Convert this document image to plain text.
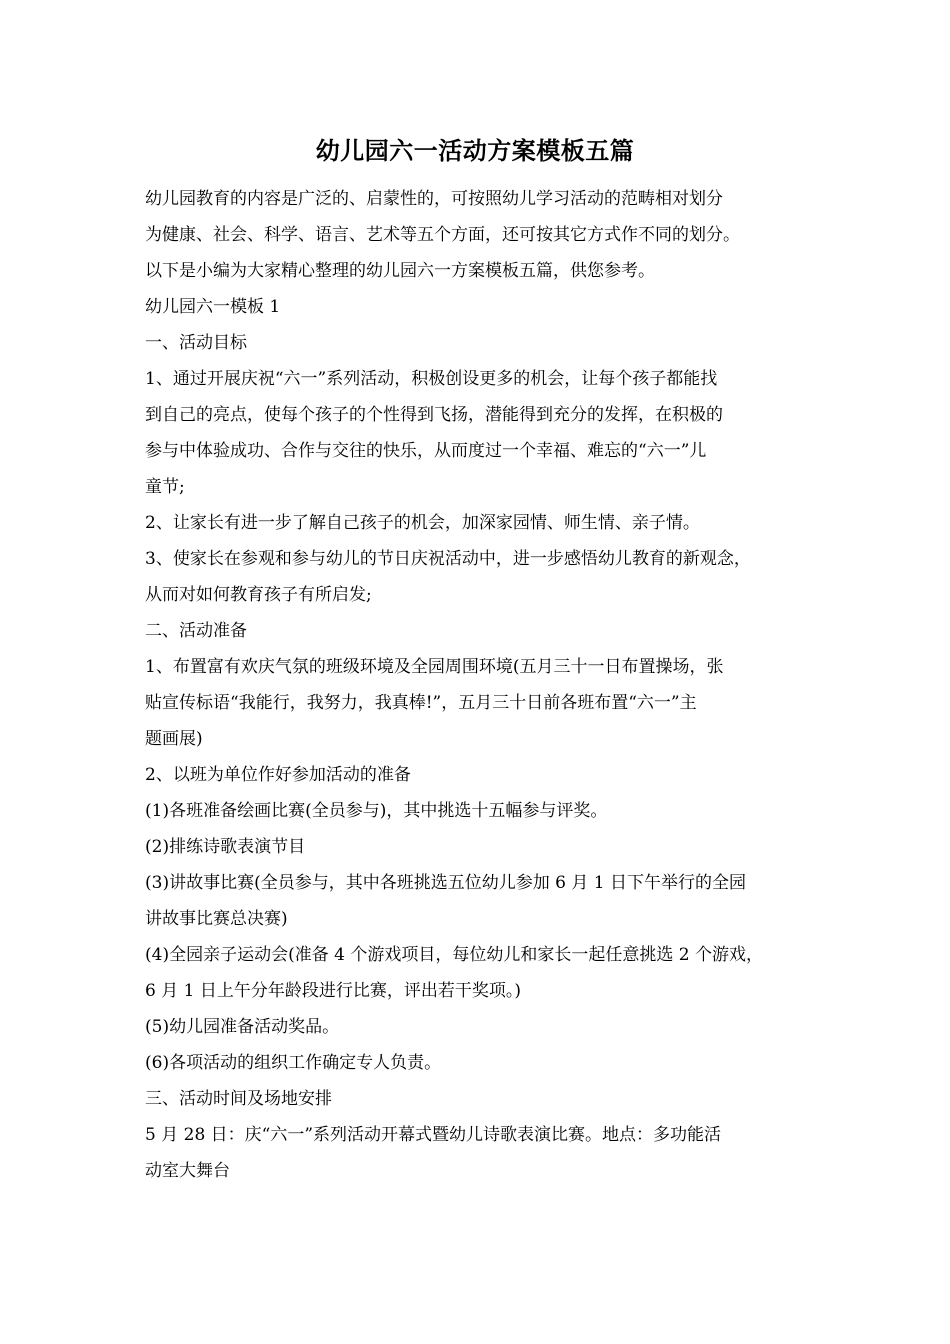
幼儿园六一活动方案模板五篇
幼儿园教育的内容是广泛的、启蒙性的，可按照幼儿学习活动的范畴相对划分
为健康、社会、科学、语言、艺术等五个方面，还可按其它方式作不同的划分。
以下是小编为大家精心整理的幼儿园六一方案模板五篇，供您参考。
幼儿园六一模板 1
一、活动目标
1、通过开展庆祝“六一”系列活动，积极创设更多的机会，让每个孩子都能找
到自己的亮点，使每个孩子的个性得到飞扬，潜能得到充分的发挥，在积极的
参与中体验成功、合作与交往的快乐，从而度过一个幸福、难忘的“六一”儿
童节;
2、让家长有进一步了解自己孩子的机会，加深家园情、师生情、亲子情。
3、使家长在参观和参与幼儿的节日庆祝活动中，进一步感悟幼儿教育的新观念，
从而对如何教育孩子有所启发;
二、活动准备
1、布置富有欢庆气氛的班级环境及全园周围环境(五月三十一日布置操场，张
贴宣传标语“我能行，我努力，我真棒!”，五月三十日前各班布置“六一”主
题画展)
2、以班为单位作好参加活动的准备
(1)各班准备绘画比赛(全员参与)，其中挑选十五幅参与评奖。
(2)排练诗歌表演节目
(3)讲故事比赛(全员参与，其中各班挑选五位幼儿参加 6 月 1 日下午举行的全园
讲故事比赛总决赛)
(4)全园亲子运动会(准备 4 个游戏项目，每位幼儿和家长一起任意挑选 2 个游戏，
6 月 1 日上午分年龄段进行比赛，评出若干奖项。)
(5)幼儿园准备活动奖品。
(6)各项活动的组织工作确定专人负责。
三、活动时间及场地安排
5 月 28 日：庆“六一”系列活动开幕式暨幼儿诗歌表演比赛。地点：多功能活
动室大舞台
